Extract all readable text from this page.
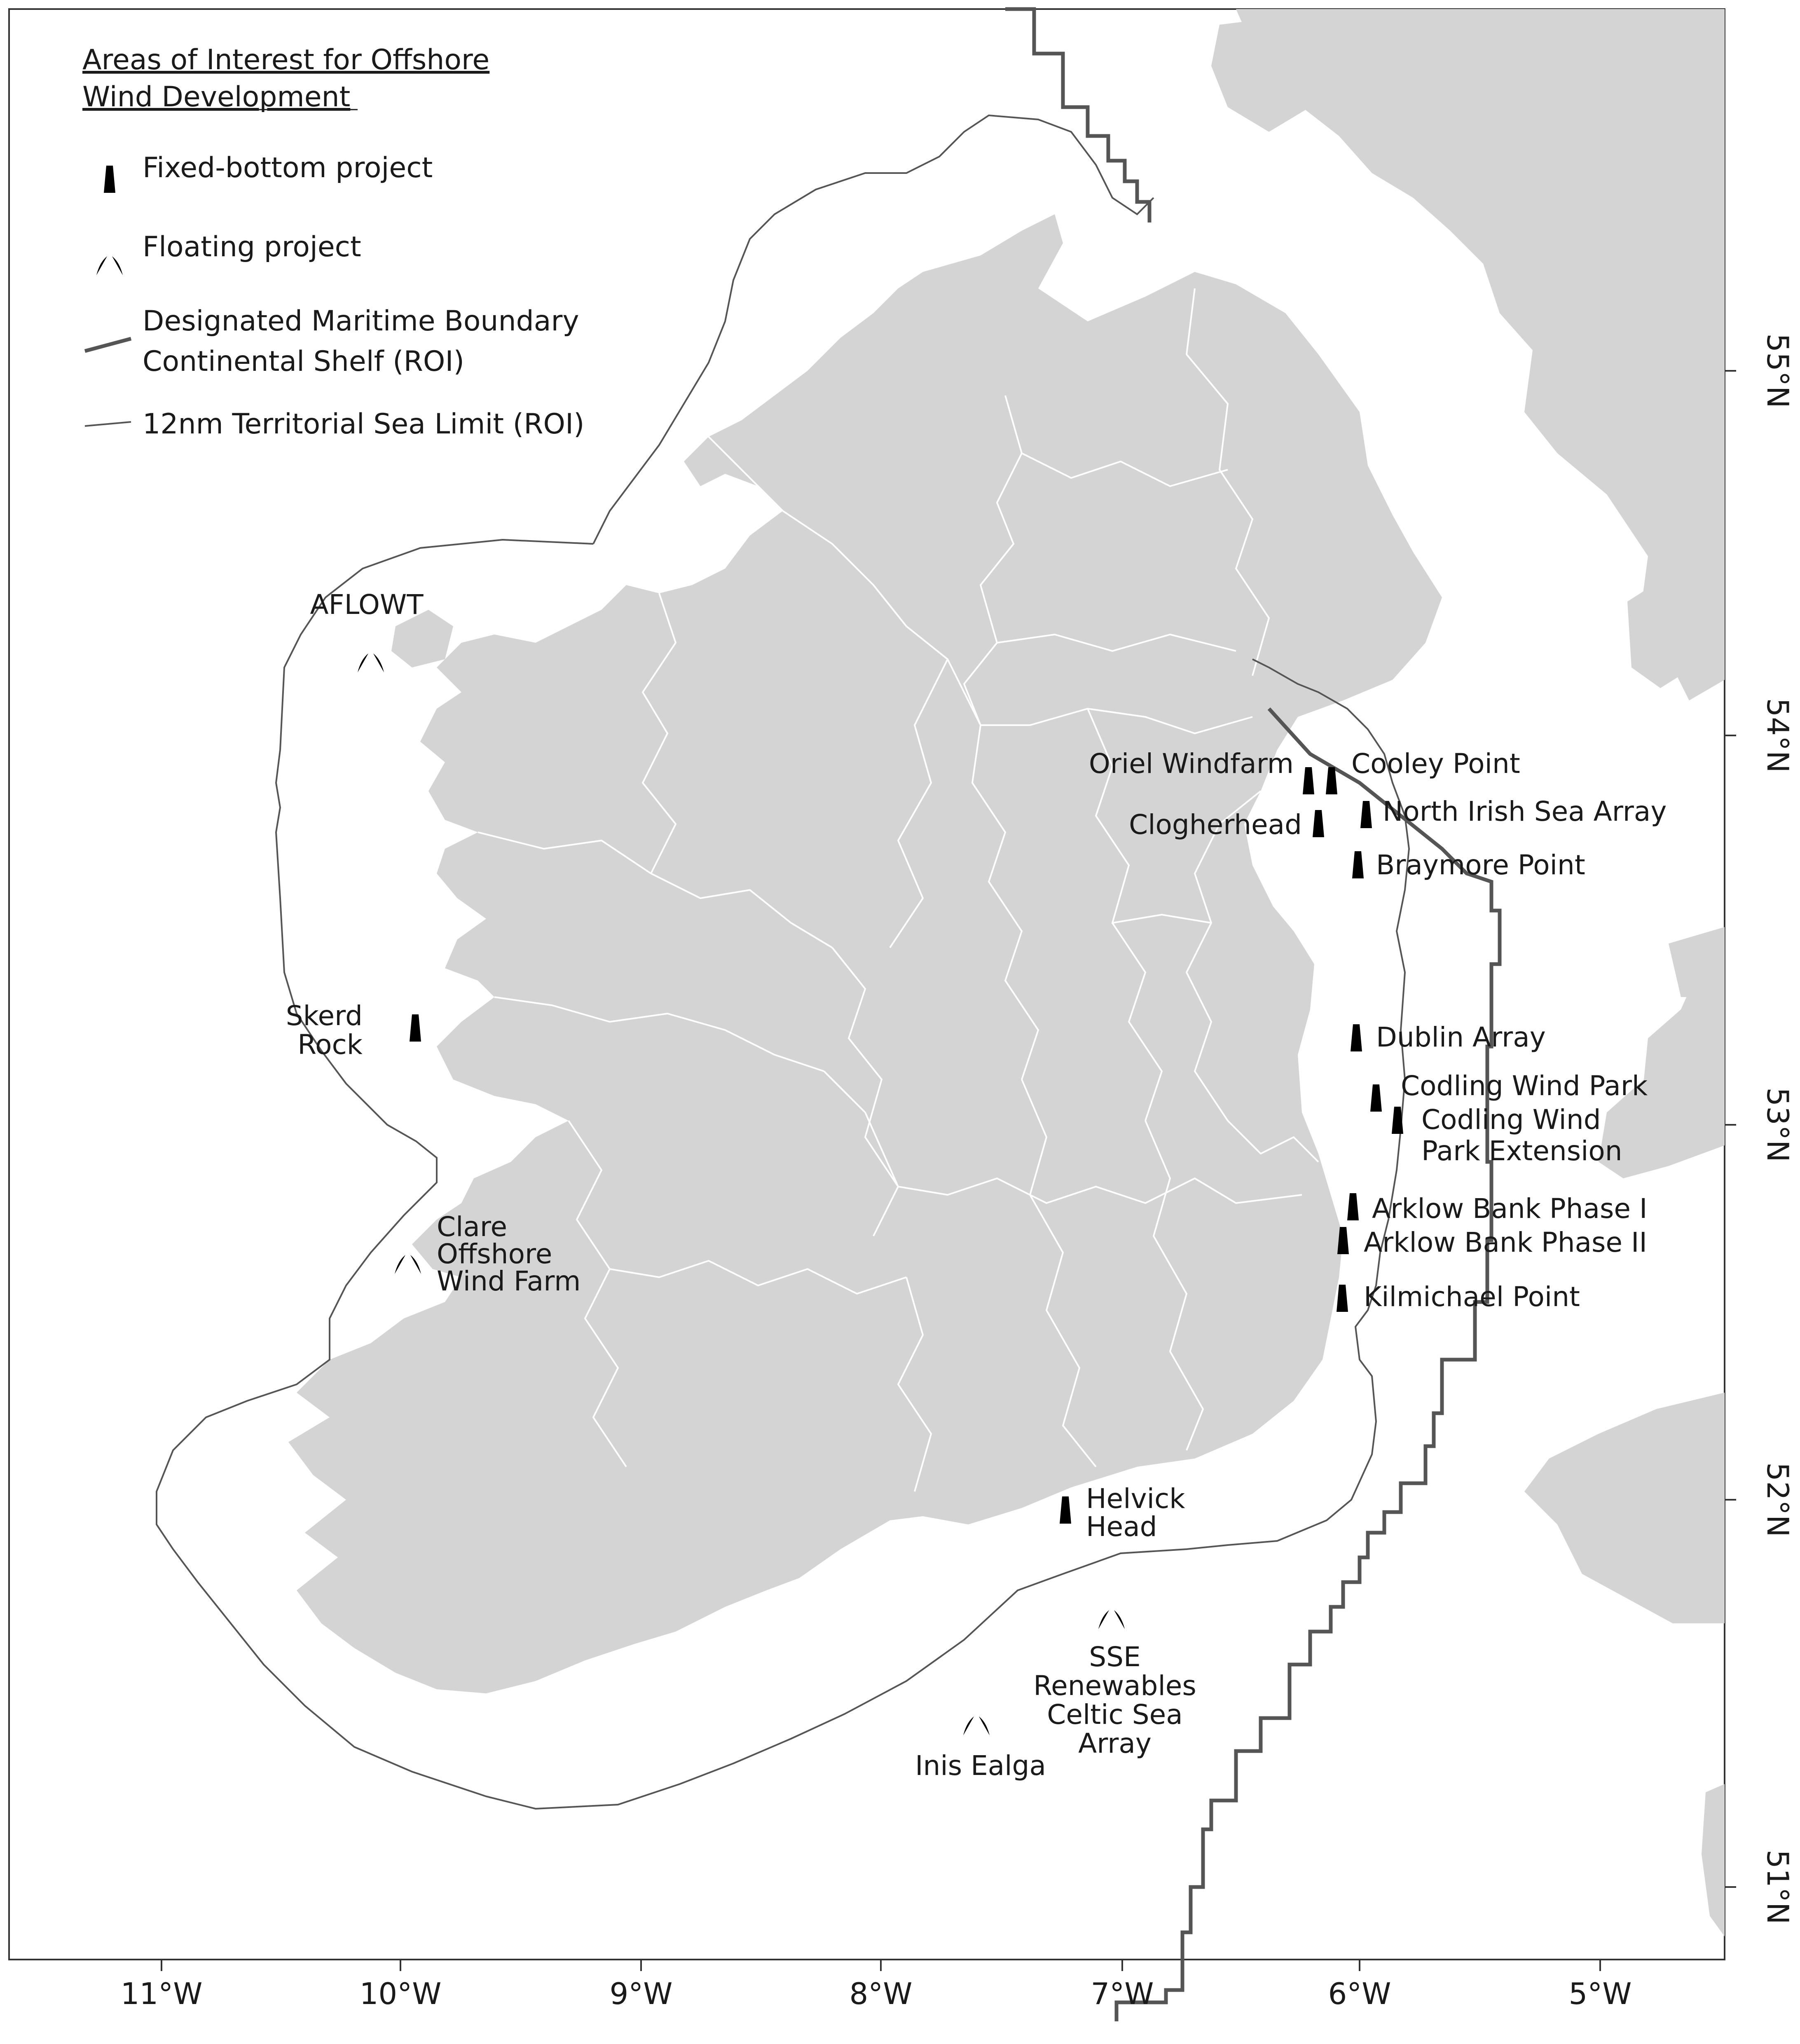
Areas of Interest for Offshore
Wind Development
Fixed-bottom project
Floating project
Designated Maritime Boundary
Continental Shelf (ROI)
12nm Territorial Sea Limit (ROI)
AFLOWT
Skerd
Rock
Clare
Offshore
Wind Farm
Oriel Windfarm Cooley Point
North Irish Sea Array
Clogherhead
Braymore Point
Dublin Array
Codling Wind Park
Codling Wind
Park Extension
Arklow Bank Phase I
Arklow Bank Phase II
Kilmichael Point
Helvick
Head
SSE
Renewables
Celtic Sea
Array
Inis Ealga
11°W	10°W	9°W	8°W	7°W	6°W	5°W
55°N
54°N
53°N
52°N
51°N
